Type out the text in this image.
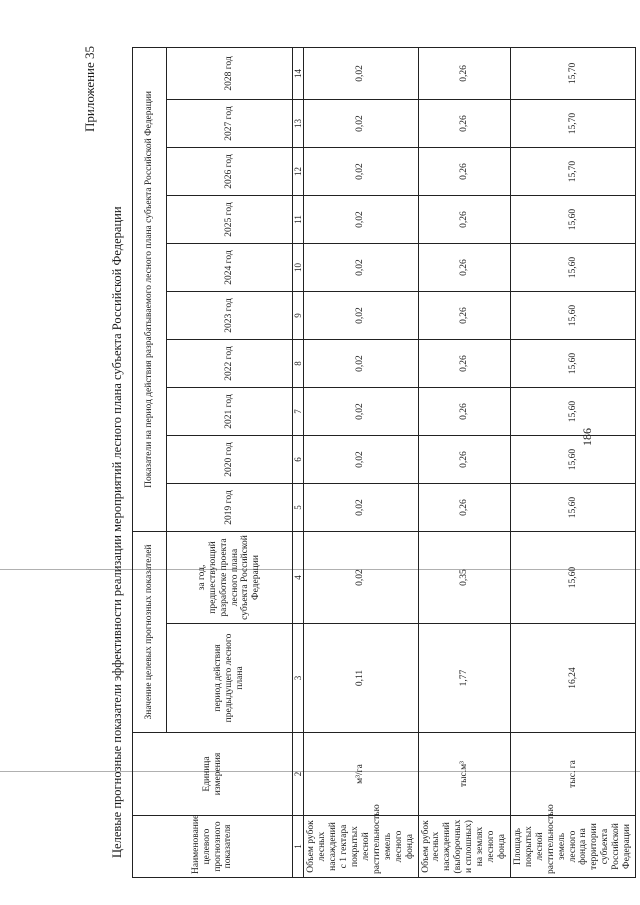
186
Приложение 35
Целевые прогнозные показатели эффективности реализации мероприятий лесного плана субъекта Российской Федерации	Наименование целевого прогнозного показателя	Единица измерения	Значение целевых прогнозных показателей		Показатели на период действия разрабатываемого лесного плана субъекта Российской Федерации									
		период действия предыдущего лесного плана	за год, предшествующий разработке проекта лесного плана субъекта Российской Федерации	2019 год	2020 год	2021 год	2022 год	2023 год	2024 год	2025 год	2026 год	2027 год	2028 год
1	2	3	4	5	6	7	8	9	10	11	12	13	14
Объем рубок лесных насаждений с 1 гектара покрытых лесной растительностью земель лесного фонда	м³/га	0,11	0,02	0,02	0,02	0,02	0,02	0,02	0,02	0,02	0,02	0,02	0,02
Объем рубок лесных насаждений (выборочных и сплошных) на землях лесного фонда	тыс.м³	1,77	0,35	0,26	0,26	0,26	0,26	0,26	0,26	0,26	0,26	0,26	0,26
Площадь покрытых лесной растительностью земель лесного фонда на территории субъекта Российской Федерации	тыс. га	16,24	15,60	15,60	15,60	15,60	15,60	15,60	15,60	15,60	15,70	15,70	15,70
